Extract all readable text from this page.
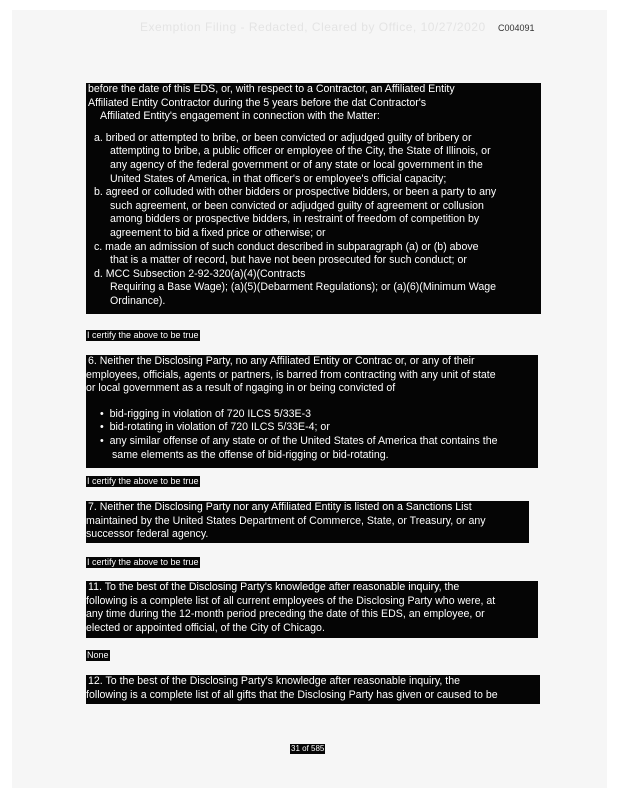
Exemption Filing - Redacted, Cleared by Office, 10/27/2020 C004091
before the date of this EDS, or, with respect to a Contractor, an Affiliated Entity
Affiliated Entity Contractor during the 5 years before the dat Contractor's
Affiliated Entity's engagement in connection with the Matter:
a. bribed or attempted to bribe, or been convicted or adjudged guilty of bribery or
attempting to bribe, a public officer or employee of the City, the State of Illinois, or
any agency of the federal government or of any state or local government in the
United States of America, in that officer's or employee's official capacity;
b. agreed or colluded with other bidders or prospective bidders, or been a party to any
such agreement, or been convicted or adjudged guilty of agreement or collusion
among bidders or prospective bidders, in restraint of freedom of competition by
agreement to bid a fixed price or otherwise; or
c. made an admission of such conduct described in subparagraph (a) or (b) above
that is a matter of record, but have not been prosecuted for such conduct; or
d. MCC Subsection 2-92-320(a)(4)(Contracts
Requiring a Base Wage); (a)(5)(Debarment Regulations); or (a)(6)(Minimum Wage
Ordinance).
I certify the above to be true
6. Neither the Disclosing Party, no any Affiliated Entity or Contrac or, or any of their
employees, officials, agents or partners, is barred from contracting with any unit of state
or local government as a result of ngaging in or being convicted of
•  bid-rigging in violation of 720 ILCS 5/33E-3
•  bid-rotating in violation of 720 ILCS 5/33E-4; or
•  any similar offense of any state or of the United States of America that contains the
same elements as the offense of bid-rigging or bid-rotating.
I certify the above to be true
7. Neither the Disclosing Party nor any Affiliated Entity is listed on a Sanctions List
maintained by the United States Department of Commerce, State, or Treasury, or any
successor federal agency.
I certify the above to be true
11. To the best of the Disclosing Party's knowledge after reasonable inquiry, the
following is a complete list of all current employees of the Disclosing Party who were, at
any time during the 12-month period preceding the date of this EDS, an employee, or
elected or appointed official, of the City of Chicago.
None
12. To the best of the Disclosing Party's knowledge after reasonable inquiry, the
following is a complete list of all gifts that the Disclosing Party has given or caused to be
31 of 585
